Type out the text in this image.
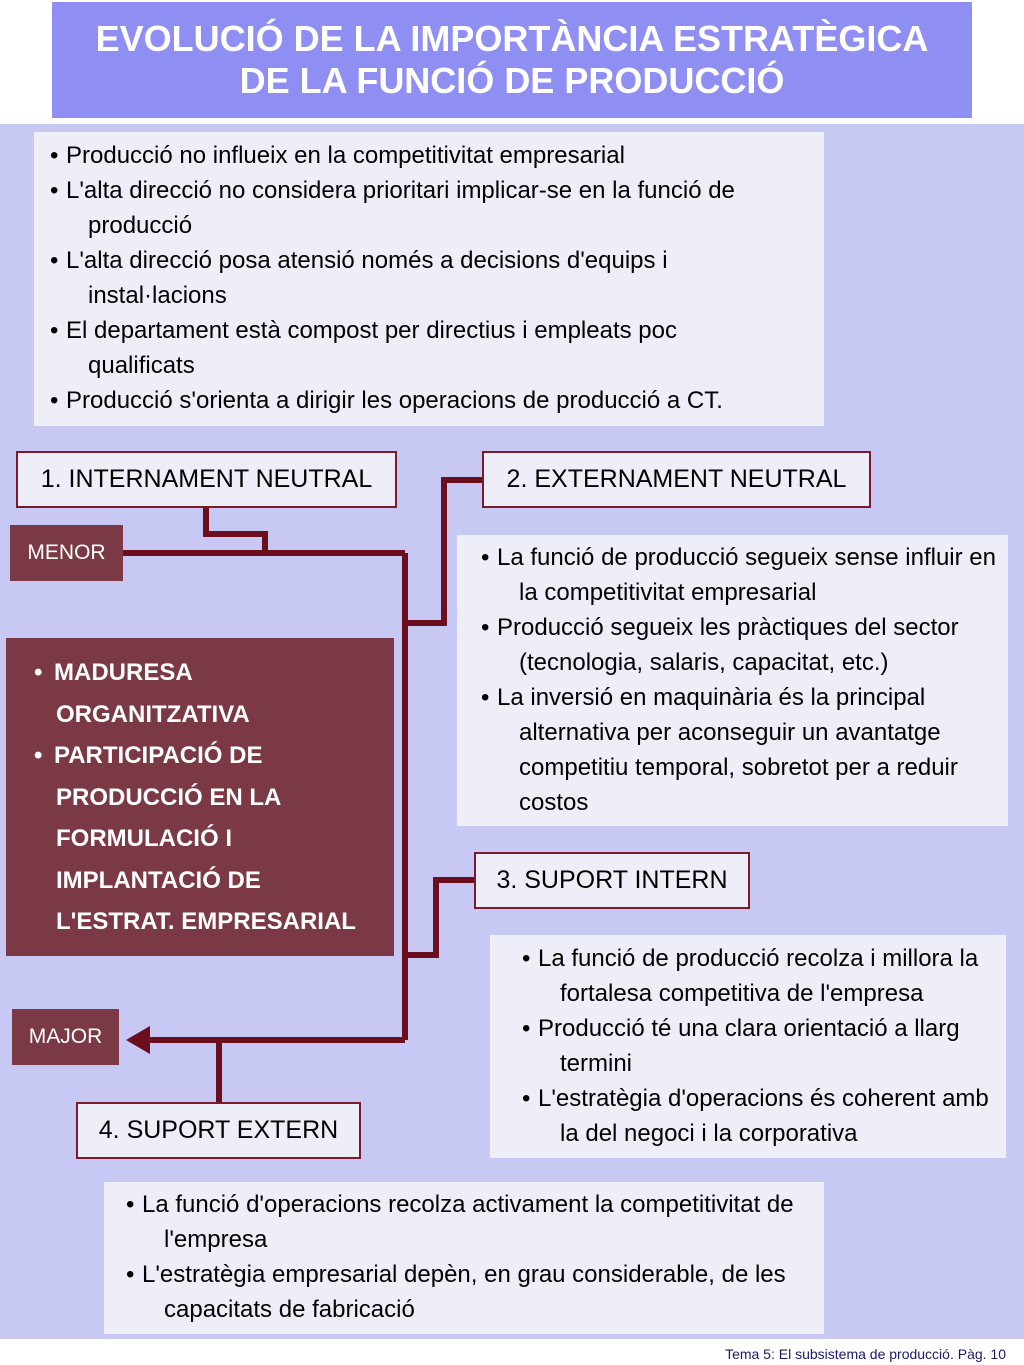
EVOLUCIÓ DE LA IMPORTÀNCIA ESTRATÈGICA
DE LA FUNCIÓ DE PRODUCCIÓ
• Producció no influeix en la competitivitat empresarial
• L'alta direcció no considera prioritari implicar-se en la funció de producció
• L'alta direcció posa atensió només a decisions d'equips i instal·lacions
• El departament està compost per directius i empleats poc qualificats
• Producció s'orienta a dirigir les operacions de producció a CT.
1. INTERNAMENT NEUTRAL	2. EXTERNAMENT NEUTRAL
3. SUPORT INTERN
4. SUPORT EXTERN
MENOR
MAJOR
• MADURESA ORGANITZATIVA
• PARTICIPACIÓ DE PRODUCCIÓ EN LA FORMULACIÓ I IMPLANTACIÓ DE L'ESTRAT. EMPRESARIAL
• La funció de producció segueix sense influir en la competitivitat empresarial
• Producció segueix les pràctiques del sector (tecnologia, salaris, capacitat, etc.)
• La inversió en maquinària és la principal alternativa per aconseguir un avantatge competitiu temporal, sobretot per a reduir costos
• La funció de producció recolza i millora la fortalesa competitiva de l'empresa
• Producció té una clara orientació a llarg termini
• L'estratègia d'operacions és coherent amb la del negoci i la corporativa
• La funció d'operacions recolza activament la competitivitat de l'empresa
• L'estratègia empresarial depèn, en grau considerable, de les capacitats de fabricació
Tema 5: El subsistema de producció. Pàg. 10
